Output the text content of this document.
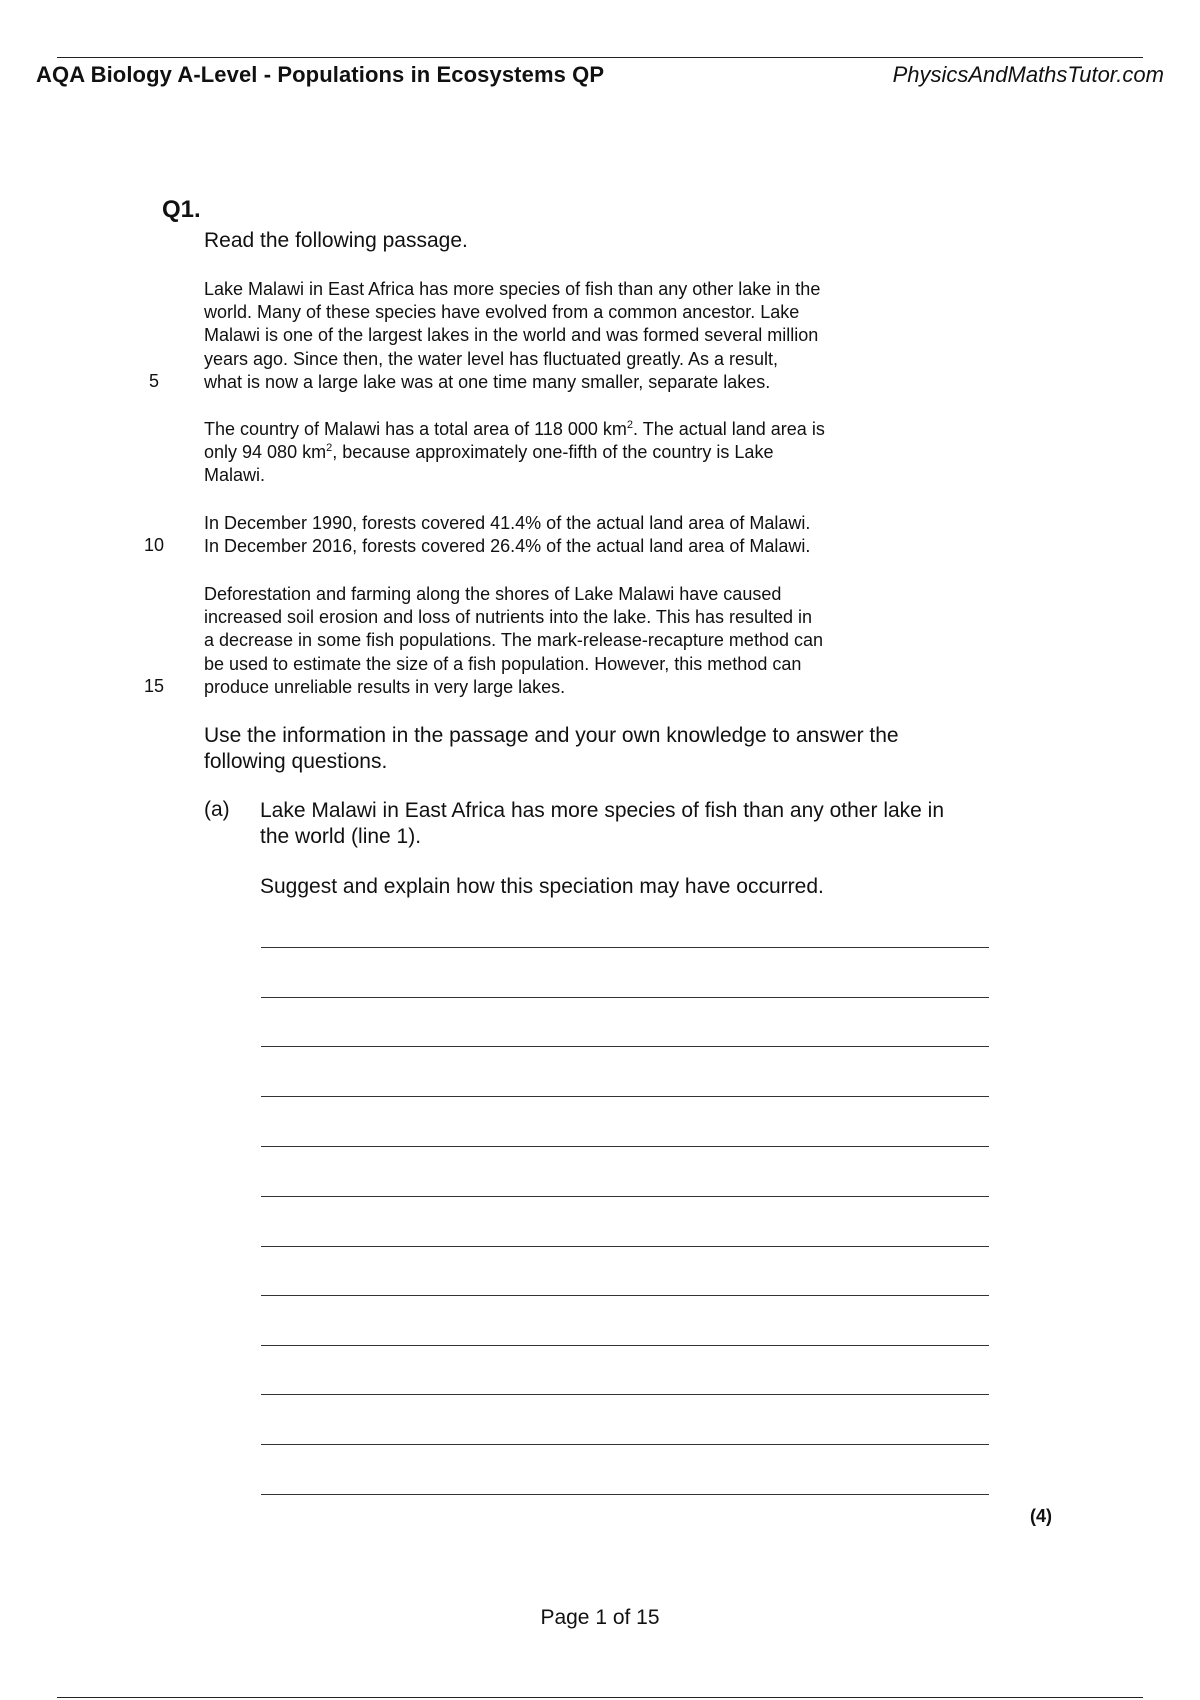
AQA Biology A-Level - Populations in Ecosystems QP	PhysicsAndMathsTutor.com
Q1.
Read the following passage.

Lake Malawi in East Africa has more species of fish than any other lake in the

world. Many of these species have evolved from a common ancestor. Lake

Malawi is one of the largest lakes in the world and was formed several million

years ago. Since then, the water level has fluctuated greatly. As a result,

what is now a large lake was at one time many smaller, separate lakes.

5

The country of Malawi has a total area of 118 000 $km^2$. The actual land area is

only 94 080 $km^2$, because approximately one-fifth of the country is Lake

Malawi.

In December 1990, forests covered 41.4% of the actual land area of Malawi.

In December 2016, forests covered 26.4% of the actual land area of Malawi.

10

Deforestation and farming along the shores of Lake Malawi have caused

increased soil erosion and loss of nutrients into the lake. This has resulted in

a decrease in some fish populations. The mark-release-recapture method can

be used to estimate the size of a fish population. However, this method can

produce unreliable results in very large lakes.

15

Use the information in the passage and your own knowledge to answer the

following questions.

(a) Lake Malawi in East Africa has more species of fish than any other lake in

the world (line 1).

Suggest and explain how this speciation may have occurred.
(4)
Page 1 of 15
